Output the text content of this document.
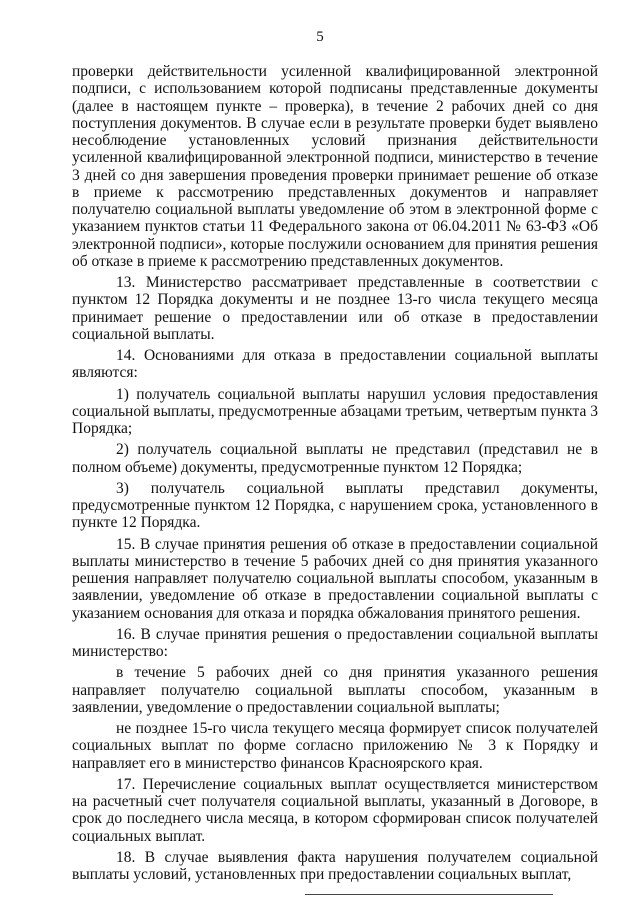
5

проверки действительности усиленной квалифицированной электронной подписи, с использованием которой подписаны представленные документы (далее в настоящем пункте – проверка), в течение 2 рабочих дней со дня поступления документов. В случае если в результате проверки будет выявлено несоблюдение установленных условий признания действительности усиленной квалифицированной электронной подписи, министерство в течение 3 дней со дня завершения проведения проверки принимает решение об отказе в приеме к рассмотрению представленных документов и направляет получателю социальной выплаты уведомление об этом в электронной форме с указанием пунктов статьи 11 Федерального закона от 06.04.2011 № 63-ФЗ «Об электронной подписи», которые послужили основанием для принятия решения об отказе в приеме к рассмотрению представленных документов.

13. Министерство рассматривает представленные в соответствии с пунктом 12 Порядка документы и не позднее 13-го числа текущего месяца принимает решение о предоставлении или об отказе в предоставлении социальной выплаты.

14. Основаниями для отказа в предоставлении социальной выплаты являются:

1) получатель социальной выплаты нарушил условия предоставления социальной выплаты, предусмотренные абзацами третьим, четвертым пункта 3 Порядка;

2) получатель социальной выплаты не представил (представил не в полном объеме) документы, предусмотренные пунктом 12 Порядка;

3) получатель социальной выплаты представил документы, предусмотренные пунктом 12 Порядка, с нарушением срока, установленного в пункте 12 Порядка.

15. В случае принятия решения об отказе в предоставлении социальной выплаты министерство в течение 5 рабочих дней со дня принятия указанного решения направляет получателю социальной выплаты способом, указанным в заявлении, уведомление об отказе в предоставлении социальной выплаты с указанием основания для отказа и порядка обжалования принятого решения.

16. В случае принятия решения о предоставлении социальной выплаты министерство:

в течение 5 рабочих дней со дня принятия указанного решения направляет получателю социальной выплаты способом, указанным в заявлении, уведомление о предоставлении социальной выплаты;

не позднее 15-го числа текущего месяца формирует список получателей социальных выплат по форме согласно приложению № 3 к Порядку и направляет его в министерство финансов Красноярского края.

17. Перечисление социальных выплат осуществляется министерством на расчетный счет получателя социальной выплаты, указанный в Договоре, в срок до последнего числа месяца, в котором сформирован список получателей социальных выплат.

18. В случае выявления факта нарушения получателем социальной выплаты условий, установленных при предоставлении социальных выплат,
